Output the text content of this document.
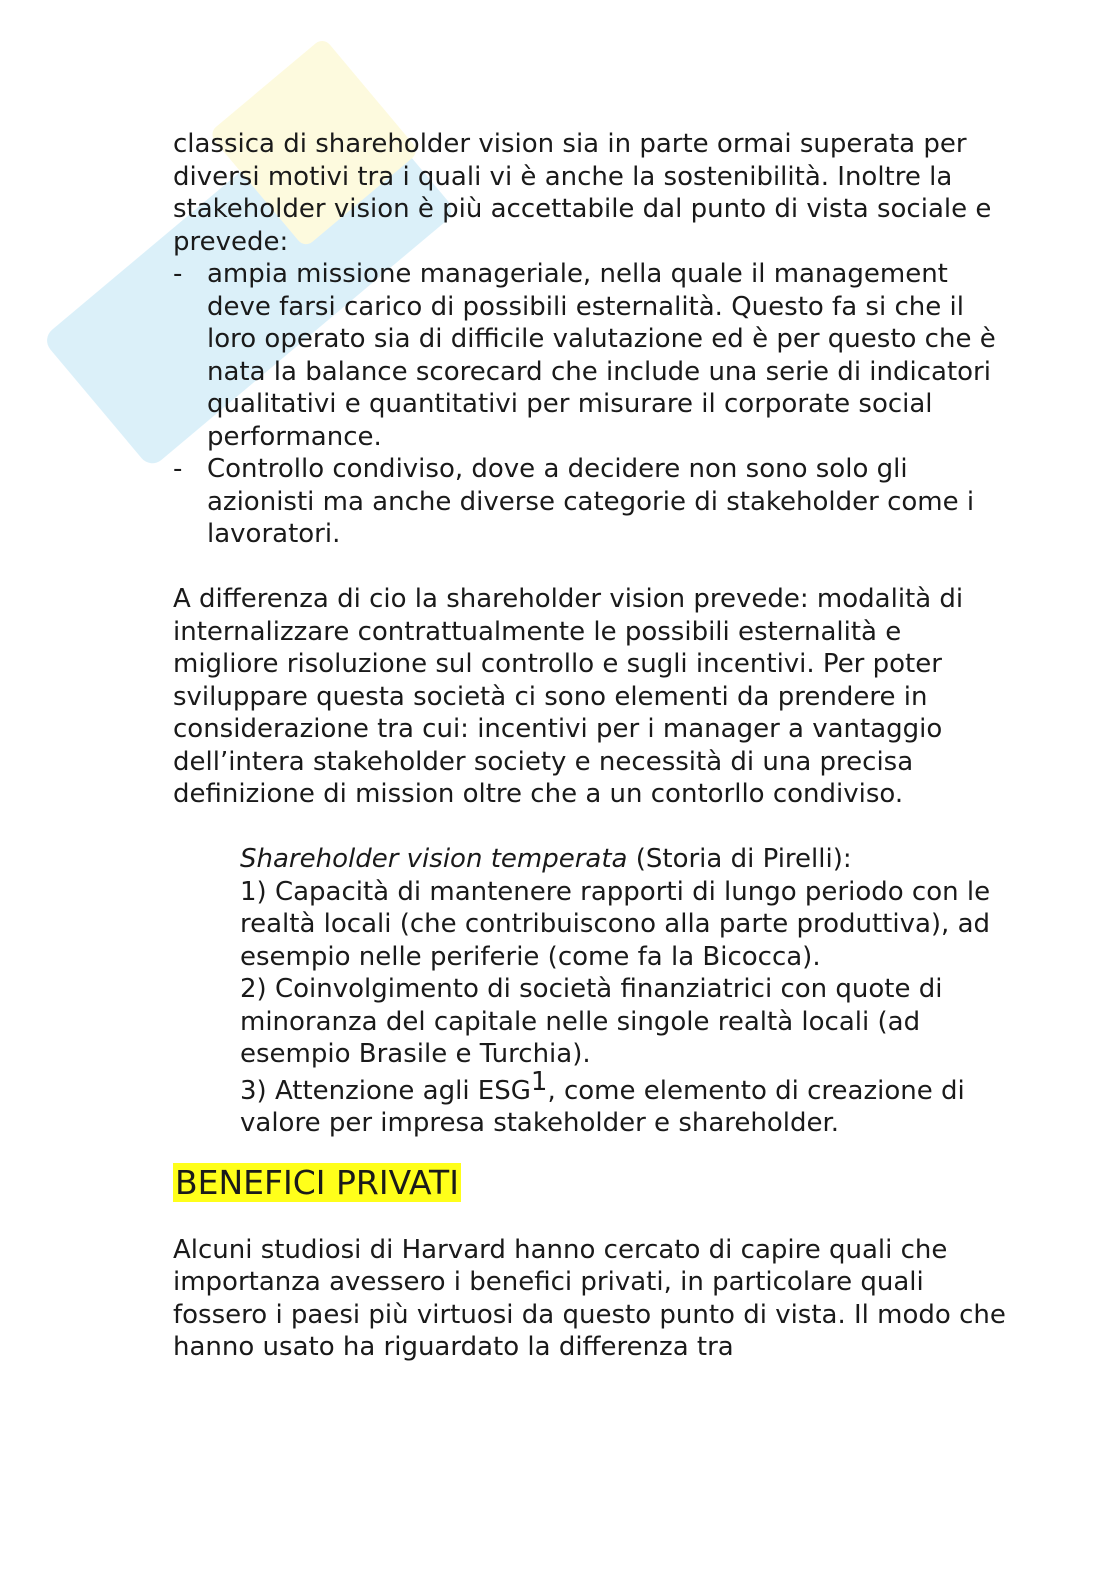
classica di shareholder vision sia in parte ormai superata per diversi motivi tra i quali vi è anche la sostenibilità. Inoltre la stakeholder vision è più accettabile dal punto di vista sociale e prevede:

- ampia missione manageriale, nella quale il management deve farsi carico di possibili esternalità. Questo fa si che il loro operato sia di difficile valutazione ed è per questo che è nata la balance scorecard che include una serie di indicatori qualitativi e quantitativi per misurare il corporate social performance.
- Controllo condiviso, dove a decidere non sono solo gli azionisti ma anche diverse categorie di stakeholder come i lavoratori.

A differenza di cio la shareholder vision prevede: modalità di internalizzare contrattualmente le possibili esternalità e migliore risoluzione sul controllo e sugli incentivi. Per poter sviluppare questa società ci sono elementi da prendere in considerazione tra cui: incentivi per i manager a vantaggio dell’intera stakeholder society e necessità di una precisa definizione di mission oltre che a un contorllo condiviso.

Shareholder vision temperata (Storia di Pirelli):

1) Capacità di mantenere rapporti di lungo periodo con le realtà locali (che contribuiscono alla parte produttiva), ad esempio nelle periferie (come fa la Bicocca).

2) Coinvolgimento di società finanziatrici con quote di minoranza del capitale nelle singole realtà locali (ad esempio Brasile e Turchia).

3) Attenzione agli ESG$^1$, come elemento di creazione di valore per impresa stakeholder e shareholder.

BENEFICI PRIVATI

Alcuni studiosi di Harvard hanno cercato di capire quali che importanza avessero i benefici privati, in particolare quali fossero i paesi più virtuosi da questo punto di vista. Il modo che hanno usato ha riguardato la differenza tra
